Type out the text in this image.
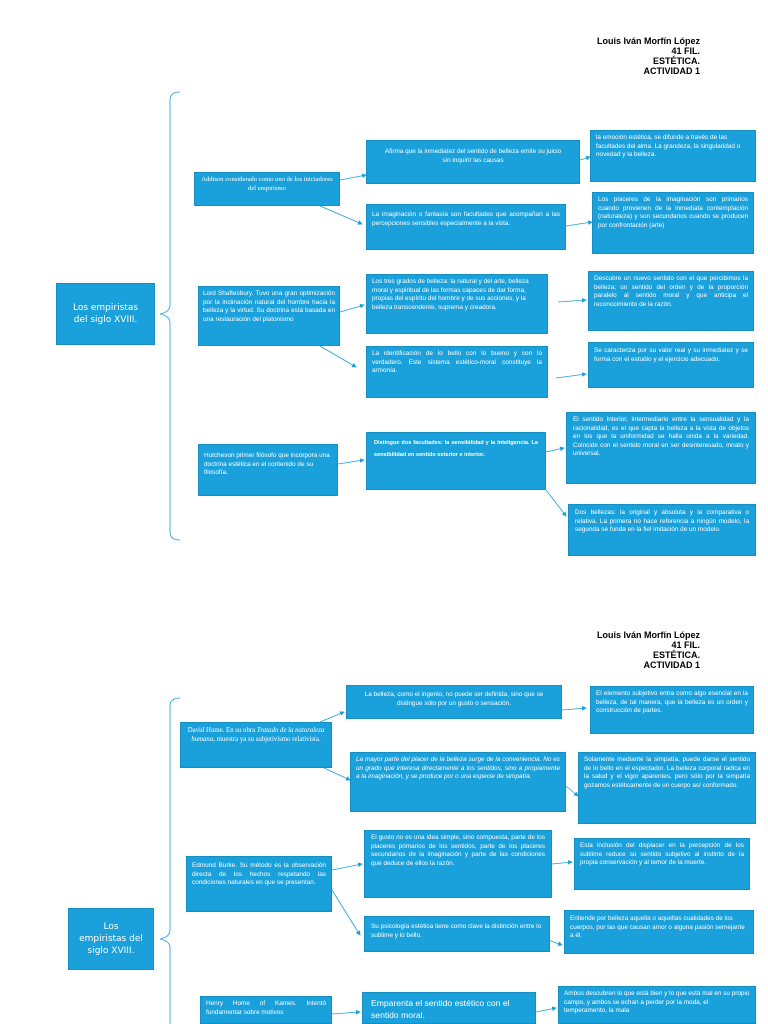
Louis Iván Morfín López
41 FIL.
ESTÉTICA.
ACTIVIDAD 1
Los empiristas del siglo XVIII.
Addison considerado como uno de los iniciadores del empirismo
Afirma que la inmediatez del sentido de belleza emite su juicio sin inquirir las causas
la emoción estética, se difunde a través de las facultades del alma. La grandeza, la singularidad o novedad y la belleza.
La imaginación o fantasía son facultades que acompañan a las percepciones sensibles especialmente a la vista.
Los placeres de la imaginación son primarios cuando provienen de la inmediata contemplación (naturaleza) y son secundarios cuando se producen por confrontación (arte)
Lord Shaftesbury. Tuvo una gran optimización por la inclinación natural del hombre hacia la belleza y la virtud. Su doctrina está basada en una restauración del platonismo
Los tres grados de belleza: la natural y del arte, belleza moral y espiritual de las formas capaces de dar forma, propias del espíritu del hombre y de sus acciones, y la belleza transcendente, suprema y creadora.
Descubre un nuevo sentido con el que percibimos la belleza; un sentido del orden y de la proporción paralelo al sentido moral y que anticipa el reconocimiento de la razón.
La identificación de lo bello con lo bueno y con lo verdadero. Este sistema estético-moral constituye la armonía.
Se caracteriza por su valor real y su inmediatez y se forma con el estudio y el ejercicio adecuado.
Hutcheson primer filósofo que incorpora una doctrina estética en el contenido de su filosofía.
Distingue dos facultades: la sensibilidad y la inteligencia. La sensibilidad en sentido exterior e interior.
El sentido interior, intermediario entre la sensualidad y la racionalidad, es el que capta la belleza a la vista de objetos en los que la uniformidad se halla unida a la variedad. Coincide con el sentido moral en ser desinteresado, innato y universal.
Dos bellezas: la original y absoluta y la comparativa o relativa. La primera no hace referencia a ningún modelo, la segunda se funda en la fiel imitación de un modelo.
Louis Iván Morfín López
41 FIL.
ESTÉTICA.
ACTIVIDAD 1
Los empiristas del siglo XVIII.
David Hume. En su obra Tratado de la naturaleza humana, muestra ya su subjetivismo relativista.
La belleza, como el ingenio, no puede ser definida, sino que se distingue sólo por un gusto o sensación.
El elemento subjetivo entra como algo esencial en la belleza, de tal manera, que la belleza es un orden y construcción de partes.
La mayor parte del placer de la belleza surge de la conveniencia. No es un grado que interesa directamente a los sentidos, sino a propiamente a la imaginación, y se produce por o una especie de simpatía.
Solamente mediante la simpatía, puede darse el sentido de lo bello en el espectador. La belleza corporal radica en la salud y el vigor aparentes, pero sólo por la simpatía gozamos estéticamente de un cuerpo así conformado.
Edmund Burke. Su método es la observación directa de los hechos respetando las condiciones naturales en que se presentan.
El gusto no es una idea simple, sino compuesta, parte de los placeres primarios de los sentidos, parte de los placeres secundarios de la imaginación y parte de las condiciones que deduce de ellos la razón.
Esta inclusión del displacer en la percepción de los sublime reduce su sentido subjetivo al instinto de la propia conservación y al temor de la muerte.
Su psicología estética tiene como clave la distinción entre lo sublime y lo bello.
Entiende por belleza aquella o aquellas cualidades de los cuerpos, por las que causan amor o alguna pasión semejante a él.
Henry Home of Kames. Intentó fundamentar sobre motivos
Emparenta el sentido estético con el sentido moral.
Ambos descubren lo que está bien y lo que está mal en su propio campo, y ambos se echan a perder por la moda, el temperamento, la mala
